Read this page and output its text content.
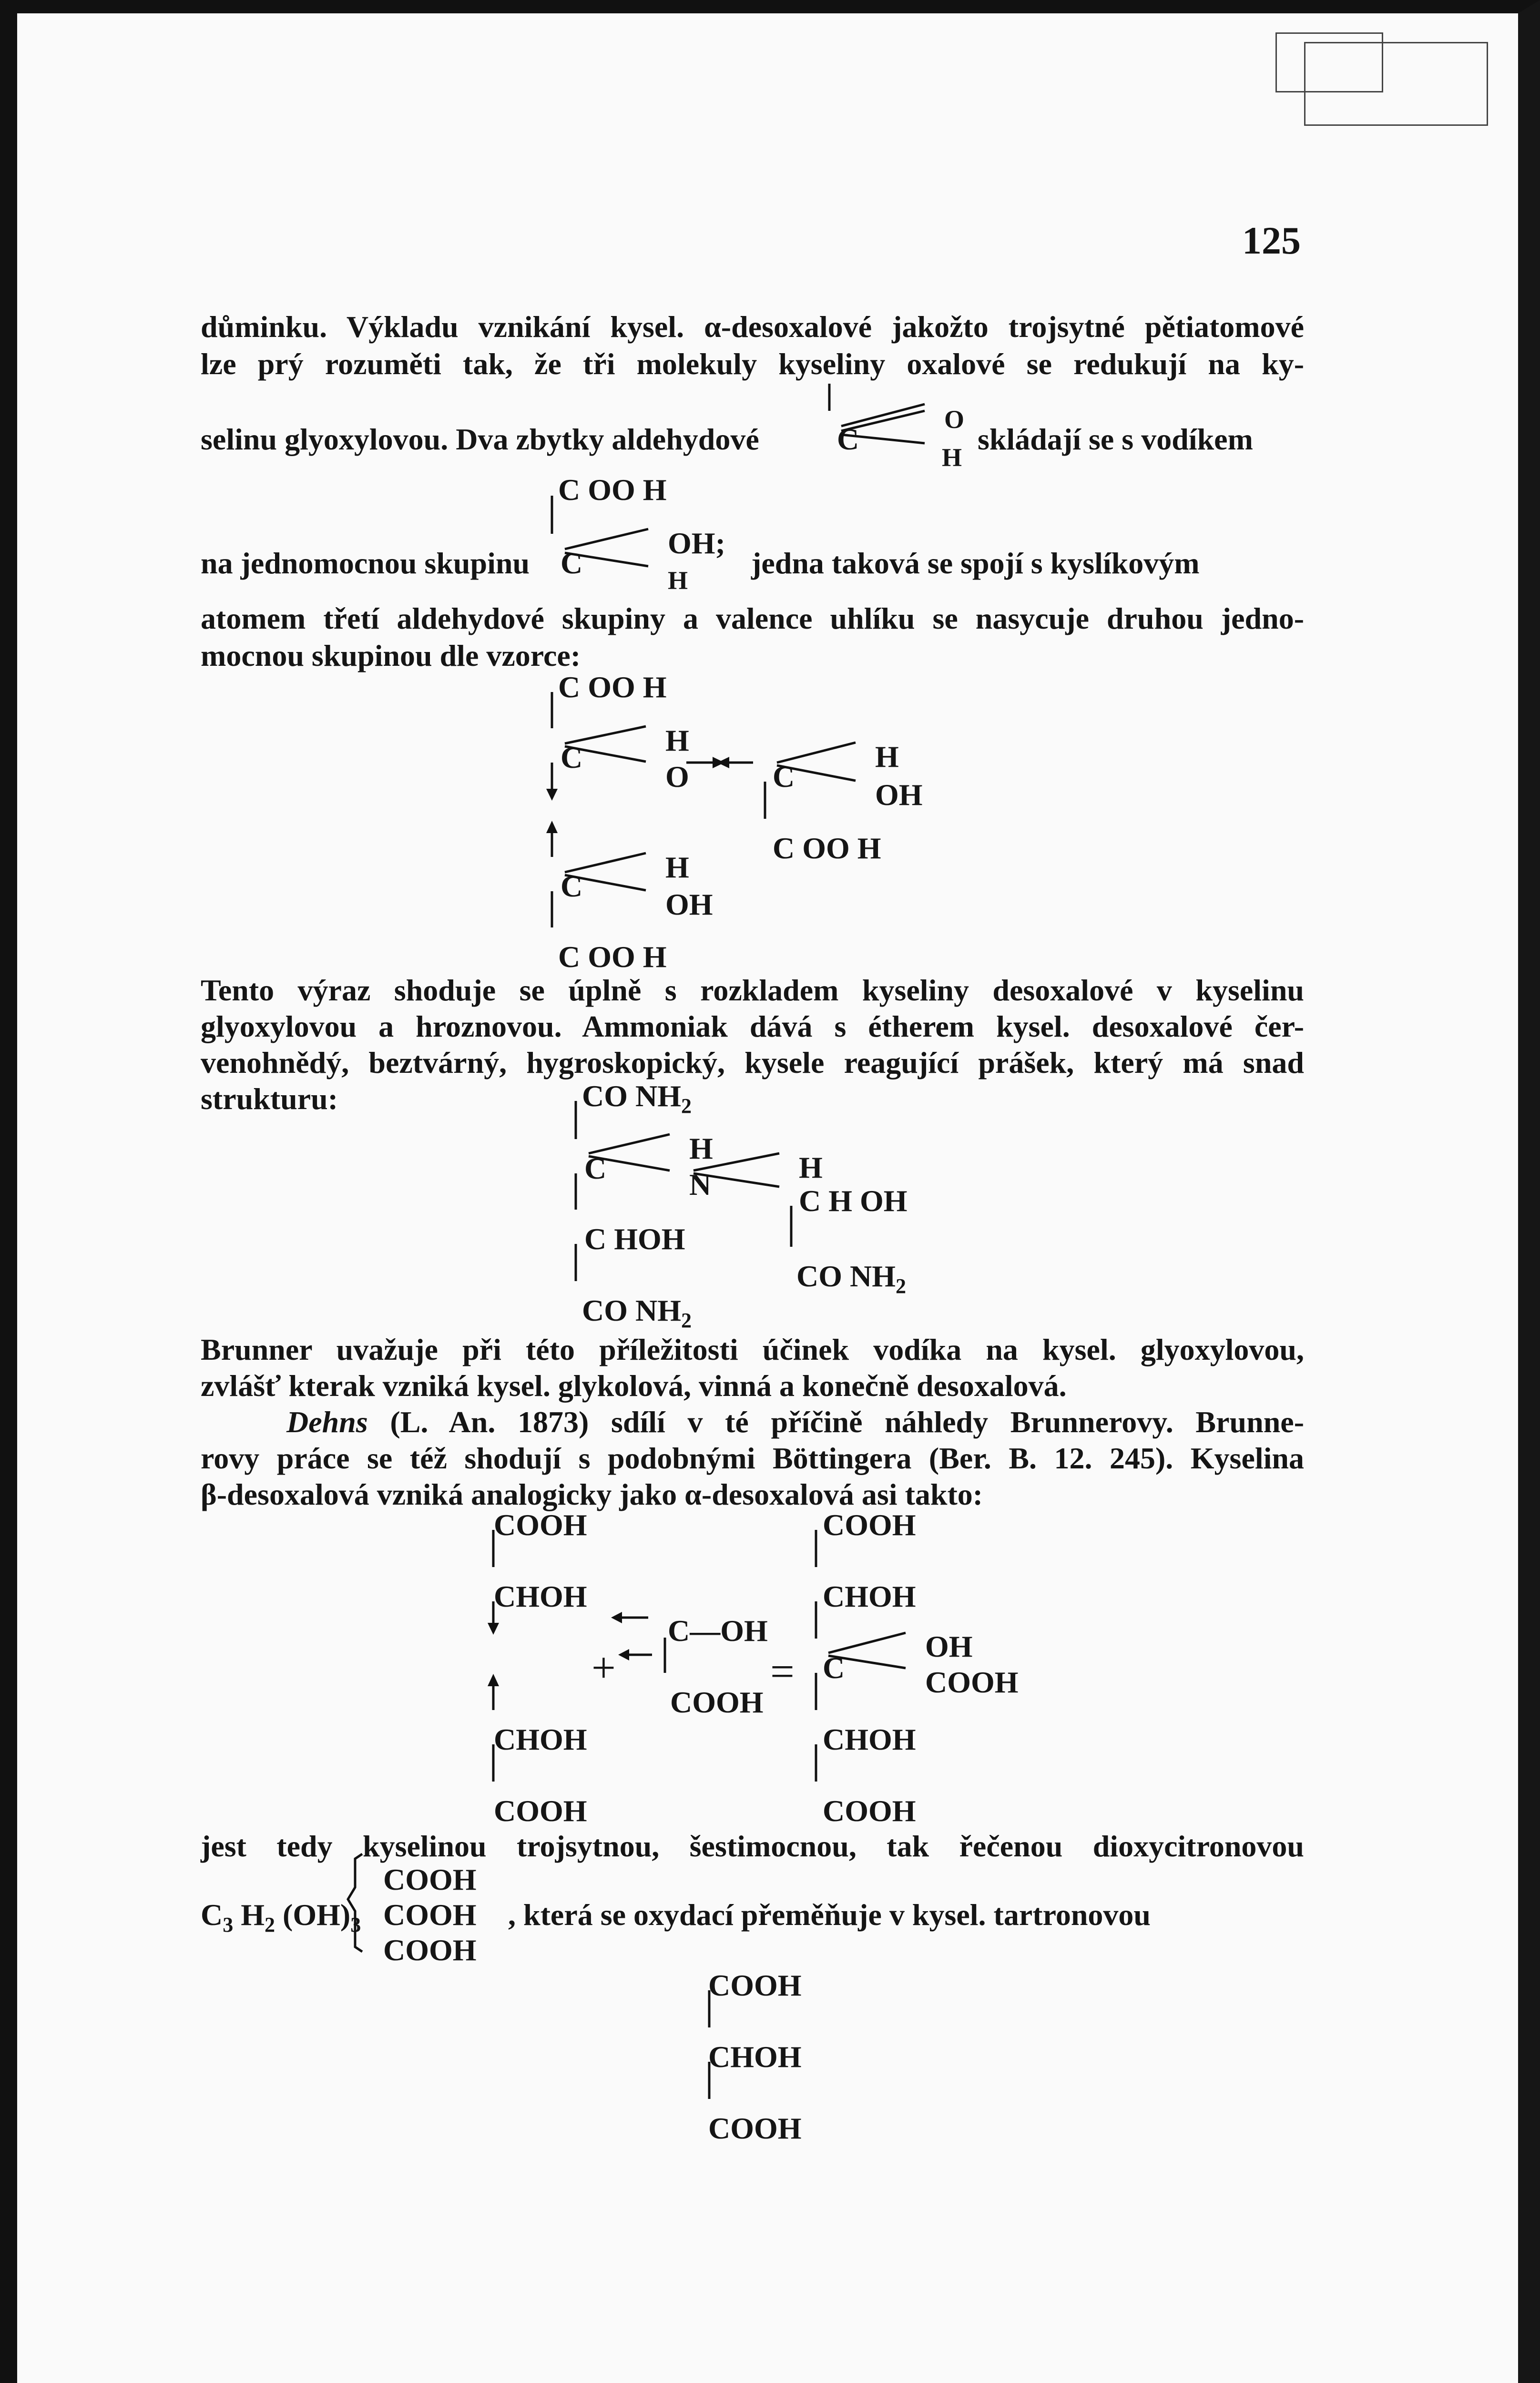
125

důminku. Výkladu vznikání kysel. α-desoxalové jakožto trojsytné pětiatomové

lze prý rozuměti tak, že tři molekuly kyseliny oxalové se redukují na ky-

selinu glyoxylovou. Dva zbytky aldehydové	skládají se s vodíkem
na jednomocnou skupinu	jedna taková se spojí s kyslíkovým

atomem třetí aldehydové skupiny a valence uhlíku se nasycuje druhou jedno-

mocnou skupinou dle vzorce:

Tento výraz shoduje se úplně s rozkladem kyseliny desoxalové v kyselinu

glyoxylovou a hroznovou. Ammoniak dává s étherem kysel. desoxalové čer-

venohnědý, beztvárný, hygroskopický, kysele reagující prášek, který má snad

strukturu:

Brunner uvažuje při této příležitosti účinek vodíka na kysel. glyoxylovou,

zvlášť kterak vzniká kysel. glykolová, vinná a konečně desoxalová.

Dehns (L. An. 1873) sdílí v té příčině náhledy Brunnerovy. Brunne-

rovy práce se též shodují s podobnými Böttingera (Ber. B. 12. 245). Kyselina

β-desoxalová vzniká analogicky jako α-desoxalová asi takto:

jest tedy kyselinou trojsytnou, šestimocnou, tak řečenou dioxycitronovou

, která se oxydací přeměňuje v kysel. tartronovou
C
O
H
C OO H
C
OH;
H
C OO H
C
H
O	C
H
OH
C OO H
C
H
OH
C OO H
CO $NH_2$
C
H
N
H
C H OH
C HOH
CO $NH_2$
CO $NH_2$
COOH
CHOH
CHOH
COOH
C—OH
+
COOH
=
COOH
CHOH
C
OH
COOH
CHOH
COOH
$C_3$ $H_2$ $(OH)_3$
COOH
COOH
COOH
COOH
CHOH
COOH
